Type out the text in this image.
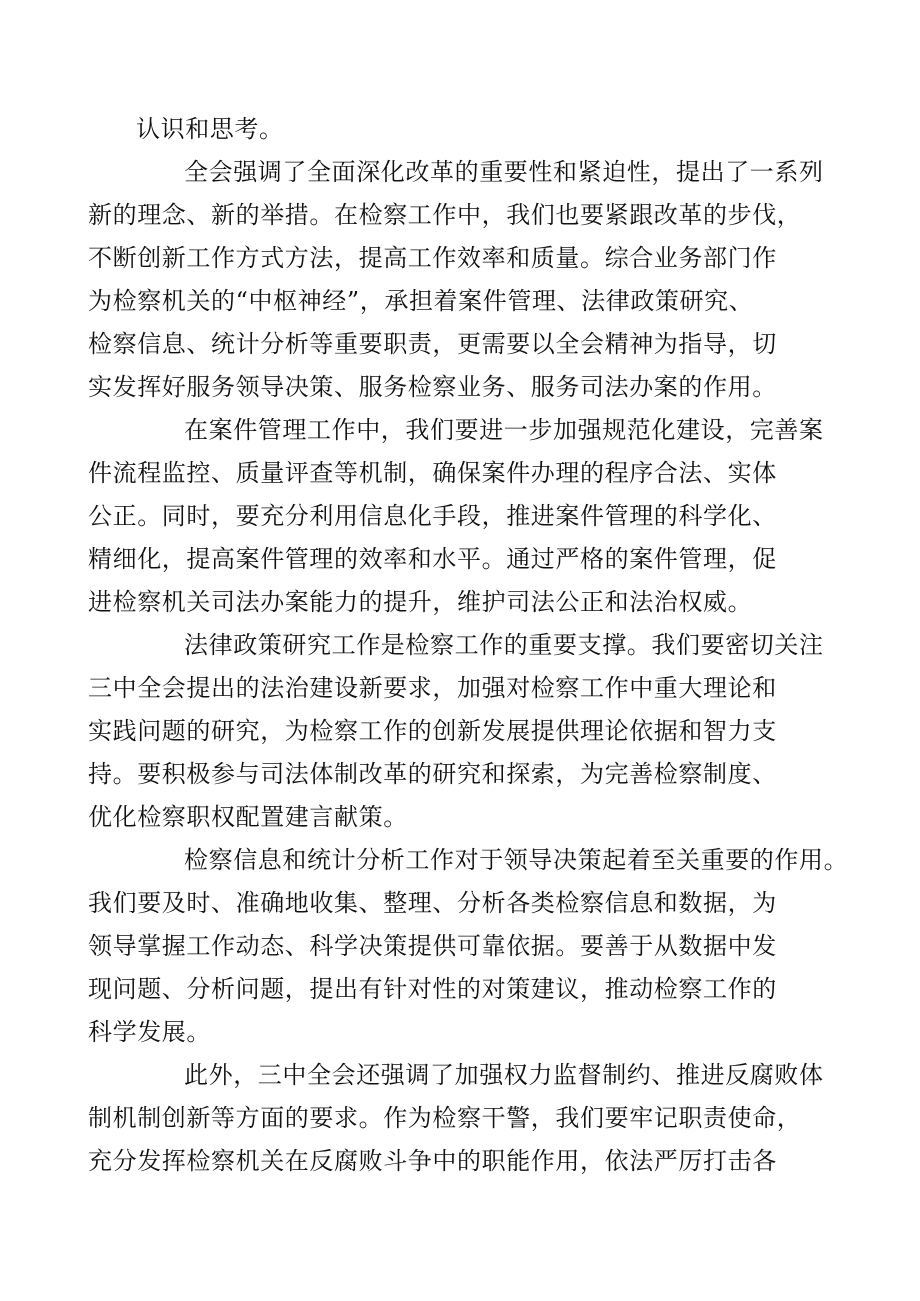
认识和思考。

全会强调了全面深化改革的重要性和紧迫性，提出了一系列
新的理念、新的举措。在检察工作中，我们也要紧跟改革的步伐，
不断创新工作方式方法，提高工作效率和质量。综合业务部门作
为检察机关的“中枢神经”，承担着案件管理、法律政策研究、
检察信息、统计分析等重要职责，更需要以全会精神为指导，切
实发挥好服务领导决策、服务检察业务、服务司法办案的作用。

在案件管理工作中，我们要进一步加强规范化建设，完善案
件流程监控、质量评查等机制，确保案件办理的程序合法、实体
公正。同时，要充分利用信息化手段，推进案件管理的科学化、
精细化，提高案件管理的效率和水平。通过严格的案件管理，促
进检察机关司法办案能力的提升，维护司法公正和法治权威。

法律政策研究工作是检察工作的重要支撑。我们要密切关注
三中全会提出的法治建设新要求，加强对检察工作中重大理论和
实践问题的研究，为检察工作的创新发展提供理论依据和智力支
持。要积极参与司法体制改革的研究和探索，为完善检察制度、
优化检察职权配置建言献策。

检察信息和统计分析工作对于领导决策起着至关重要的作用。
我们要及时、准确地收集、整理、分析各类检察信息和数据，为
领导掌握工作动态、科学决策提供可靠依据。要善于从数据中发
现问题、分析问题，提出有针对性的对策建议，推动检察工作的
科学发展。

此外，三中全会还强调了加强权力监督制约、推进反腐败体
制机制创新等方面的要求。作为检察干警，我们要牢记职责使命，
充分发挥检察机关在反腐败斗争中的职能作用，依法严厉打击各
